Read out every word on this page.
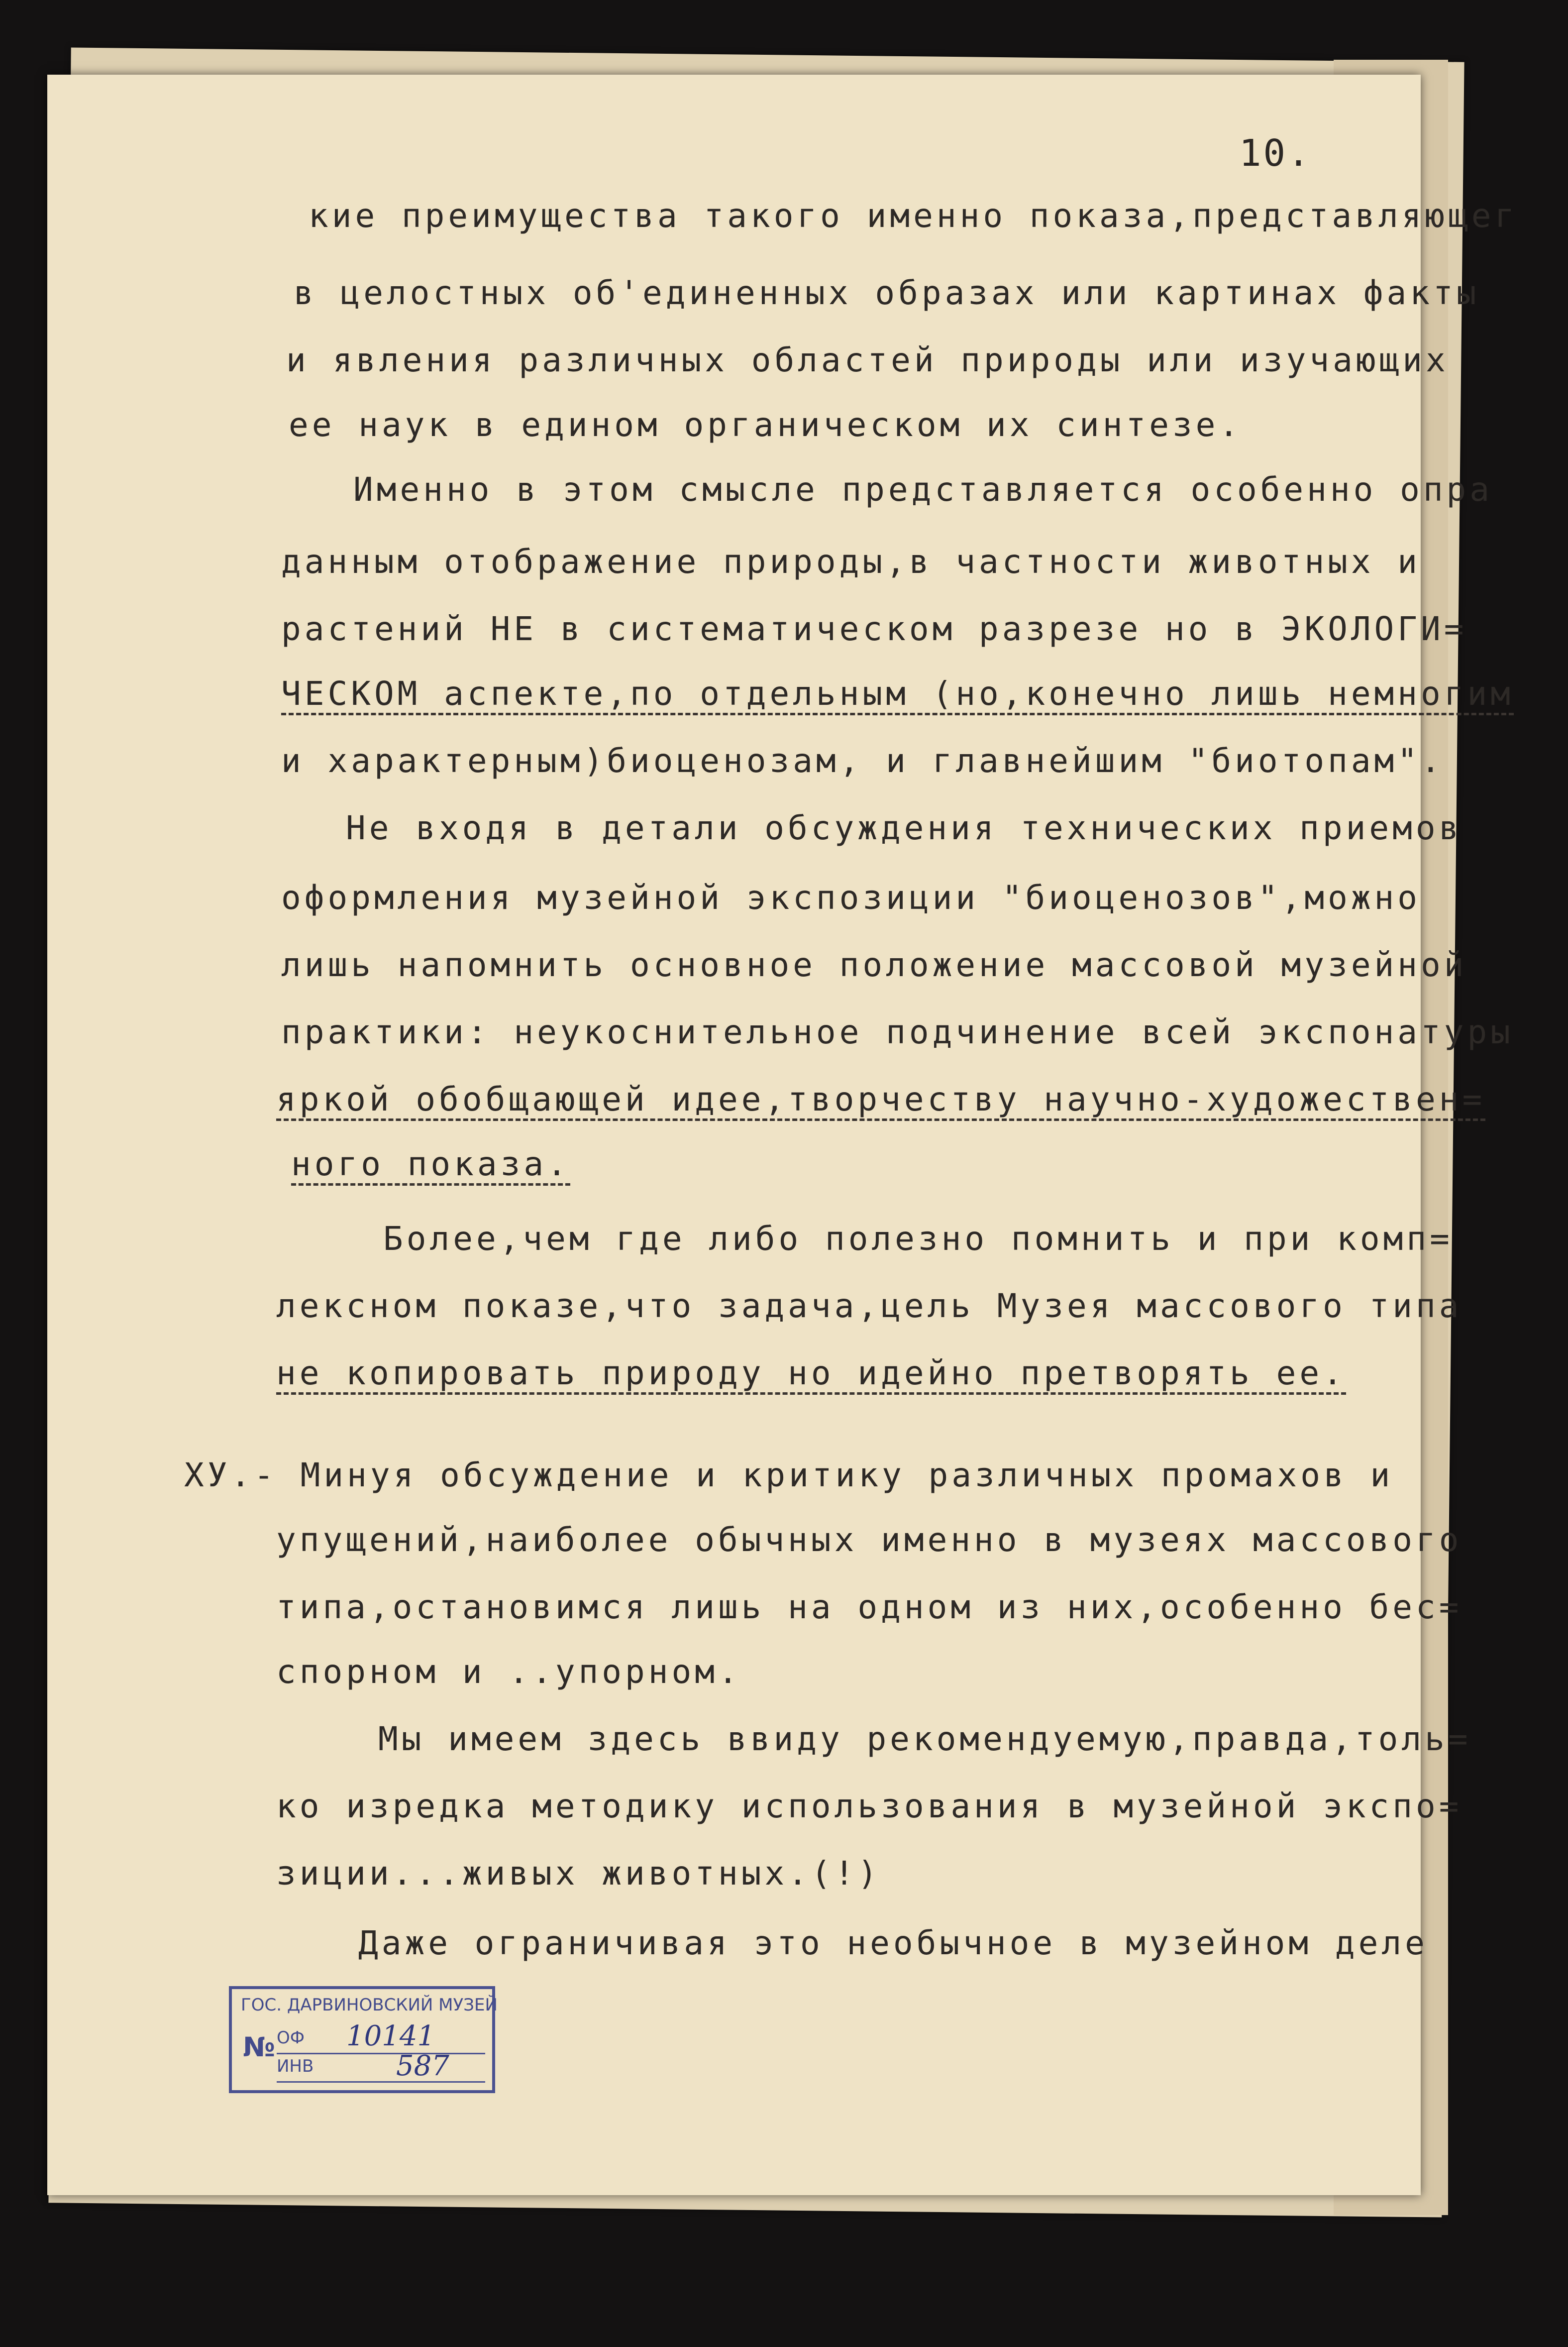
10.
кие преимущества такого именно показа,представляющег
в целостных об'единенных образах или картинах факты
и явления различных областей природы или изучающих
ее наук в едином органическом их синтезе.
Именно в этом смысле представляется особенно опра
данным отображение природы,в частности животных и
растений НЕ в систематическом разрезе но в ЭКОЛОГИ=
ЧЕСКОМ аспекте,по отдельным (но,конечно лишь немногим
и характерным)биоценозам, и главнейшим "биотопам".
Не входя в детали обсуждения технических приемов
оформления музейной экспозиции "биоценозов",можно
лишь напомнить основное положение массовой музейной
практики: неукоснительное подчинение всей экспонатуры
яркой обобщающей идее,творчеству научно-художествен=
ного показа.
Более,чем где либо полезно помнить и при комп=
лексном показе,что задача,цель Музея массового типа
не копировать природу но идейно претворять ее.
ХУ.- Минуя обсуждение и критику различных промахов и
упущений,наиболее обычных именно в музеях массового
типа,остановимся лишь на одном из них,особенно бес=
спорном и ..упорном.
Мы имеем здесь ввиду рекомендуемую,правда,толь=
ко изредка методику использования в музейной экспо=
зиции...живых животных.(!)
Даже ограничивая это необычное в музейном деле
ГОС. ДАРВИНОВСКИЙ МУЗЕЙ
№ ОФ 10141
ИНВ	587
